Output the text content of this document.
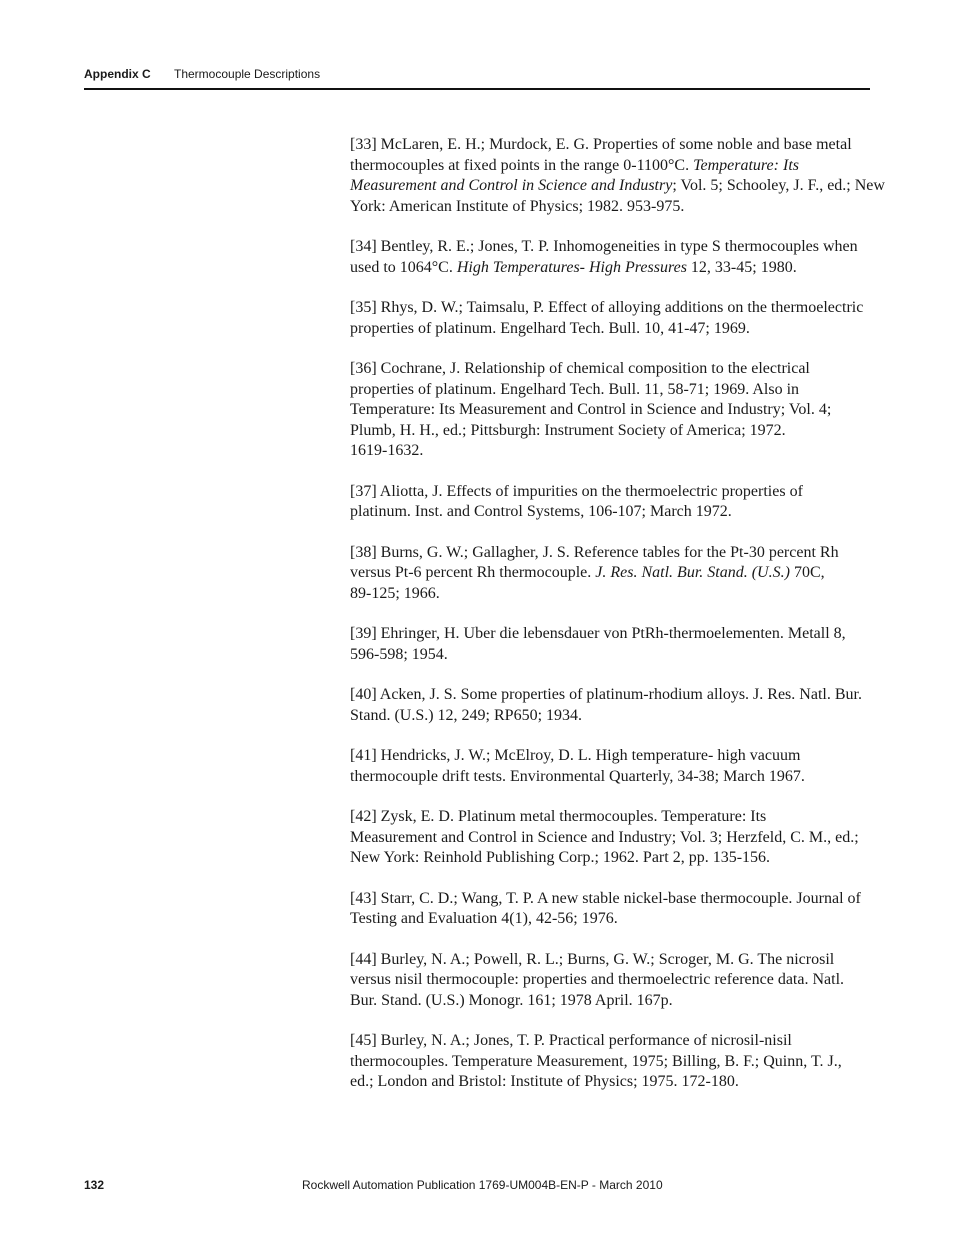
Appendix C Thermocouple Descriptions
[33] McLaren, E. H.; Murdock, E. G. Properties of some noble and base metal
thermocouples at fixed points in the range 0-1100°C. Temperature: Its
Measurement and Control in Science and Industry; Vol. 5; Schooley, J. F., ed.; New
York: American Institute of Physics; 1982. 953-975.
[34] Bentley, R. E.; Jones, T. P. Inhomogeneities in type S thermocouples when
used to 1064°C. High Temperatures- High Pressures 12, 33-45; 1980.
[35] Rhys, D. W.; Taimsalu, P. Effect of alloying additions on the thermoelectric
properties of platinum. Engelhard Tech. Bull. 10, 41-47; 1969.
[36] Cochrane, J. Relationship of chemical composition to the electrical
properties of platinum. Engelhard Tech. Bull. 11, 58-71; 1969. Also in
Temperature: Its Measurement and Control in Science and Industry; Vol. 4;
Plumb, H. H., ed.; Pittsburgh: Instrument Society of America; 1972.
1619-1632.
[37] Aliotta, J. Effects of impurities on the thermoelectric properties of
platinum. Inst. and Control Systems, 106-107; March 1972.
[38] Burns, G. W.; Gallagher, J. S. Reference tables for the Pt-30 percent Rh
versus Pt-6 percent Rh thermocouple. J. Res. Natl. Bur. Stand. (U.S.) 70C,
89-125; 1966.
[39] Ehringer, H. Uber die lebensdauer von PtRh-thermoelementen. Metall 8,
596-598; 1954.
[40] Acken, J. S. Some properties of platinum-rhodium alloys. J. Res. Natl. Bur.
Stand. (U.S.) 12, 249; RP650; 1934.
[41] Hendricks, J. W.; McElroy, D. L. High temperature- high vacuum
thermocouple drift tests. Environmental Quarterly, 34-38; March 1967.
[42] Zysk, E. D. Platinum metal thermocouples. Temperature: Its
Measurement and Control in Science and Industry; Vol. 3; Herzfeld, C. M., ed.;
New York: Reinhold Publishing Corp.; 1962. Part 2, pp. 135-156.
[43] Starr, C. D.; Wang, T. P. A new stable nickel-base thermocouple. Journal of
Testing and Evaluation 4(1), 42-56; 1976.
[44] Burley, N. A.; Powell, R. L.; Burns, G. W.; Scroger, M. G. The nicrosil
versus nisil thermocouple: properties and thermoelectric reference data. Natl.
Bur. Stand. (U.S.) Monogr. 161; 1978 April. 167p.
[45] Burley, N. A.; Jones, T. P. Practical performance of nicrosil-nisil
thermocouples. Temperature Measurement, 1975; Billing, B. F.; Quinn, T. J.,
ed.; London and Bristol: Institute of Physics; 1975. 172-180.
132	Rockwell Automation Publication 1769-UM004B-EN-P - March 2010
